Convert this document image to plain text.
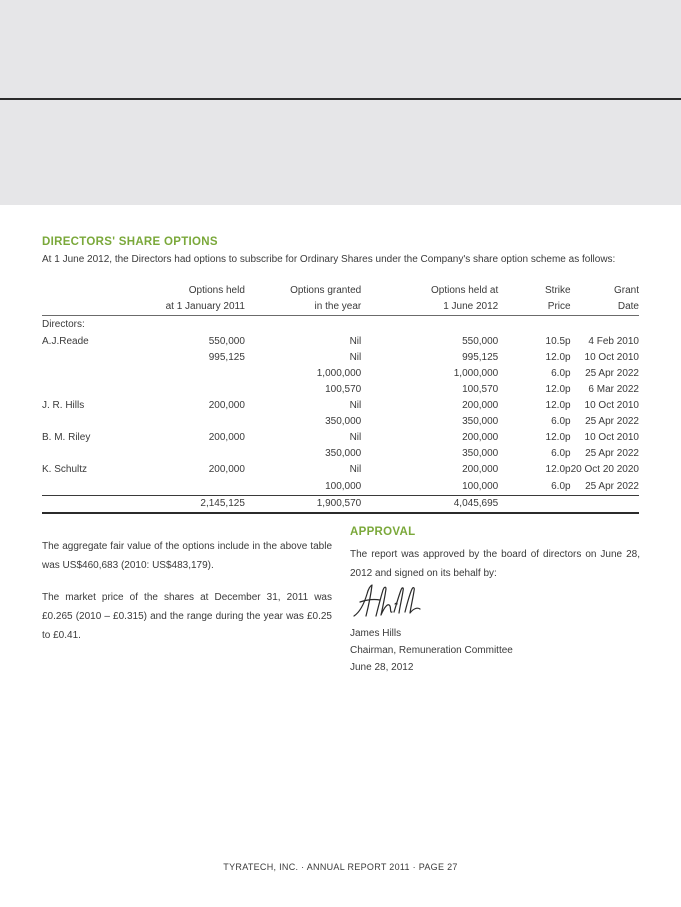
DIRECTORS' SHARE OPTIONS

At 1 June 2012, the Directors had options to subscribe for Ordinary Shares under the Company's share option scheme as follows:

	Options held	Options granted	Options held at	Strike	Grant
	at 1 January 2011	in the year	1 June 2012	Price	Date
Directors:					
A.J.Reade	550,000	Nil	550,000	10.5p	4 Feb 2010
	995,125	Nil	995,125	12.0p	10 Oct 2010
		1,000,000	1,000,000	6.0p	25 Apr 2022
		100,570	100,570	12.0p	6 Mar 2022
J. R. Hills	200,000	Nil	200,000	12.0p	10 Oct 2010
		350,000	350,000	6.0p	25 Apr 2022
B. M. Riley	200,000	Nil	200,000	12.0p	10 Oct 2010
		350,000	350,000	6.0p	25 Apr 2022
K. Schultz	200,000	Nil	200,000	12.0p	20 Oct 20 2020
		100,000	100,000	6.0p	25 Apr 2022
	2,145,125	1,900,570	4,045,695		

The aggregate fair value of the options include in the above table was US$460,683 (2010: US$483,179).

The market price of the shares at December 31, 2011 was £0.265 (2010 – £0.315) and the range during the year was £0.25 to £0.41.

APPROVAL

The report was approved by the board of directors on June 28, 2012 and signed on its behalf by:

James Hills
Chairman, Remuneration Committee
June 28, 2012
TYRATECH, INC. · ANNUAL REPORT 2011 · PAGE 27
